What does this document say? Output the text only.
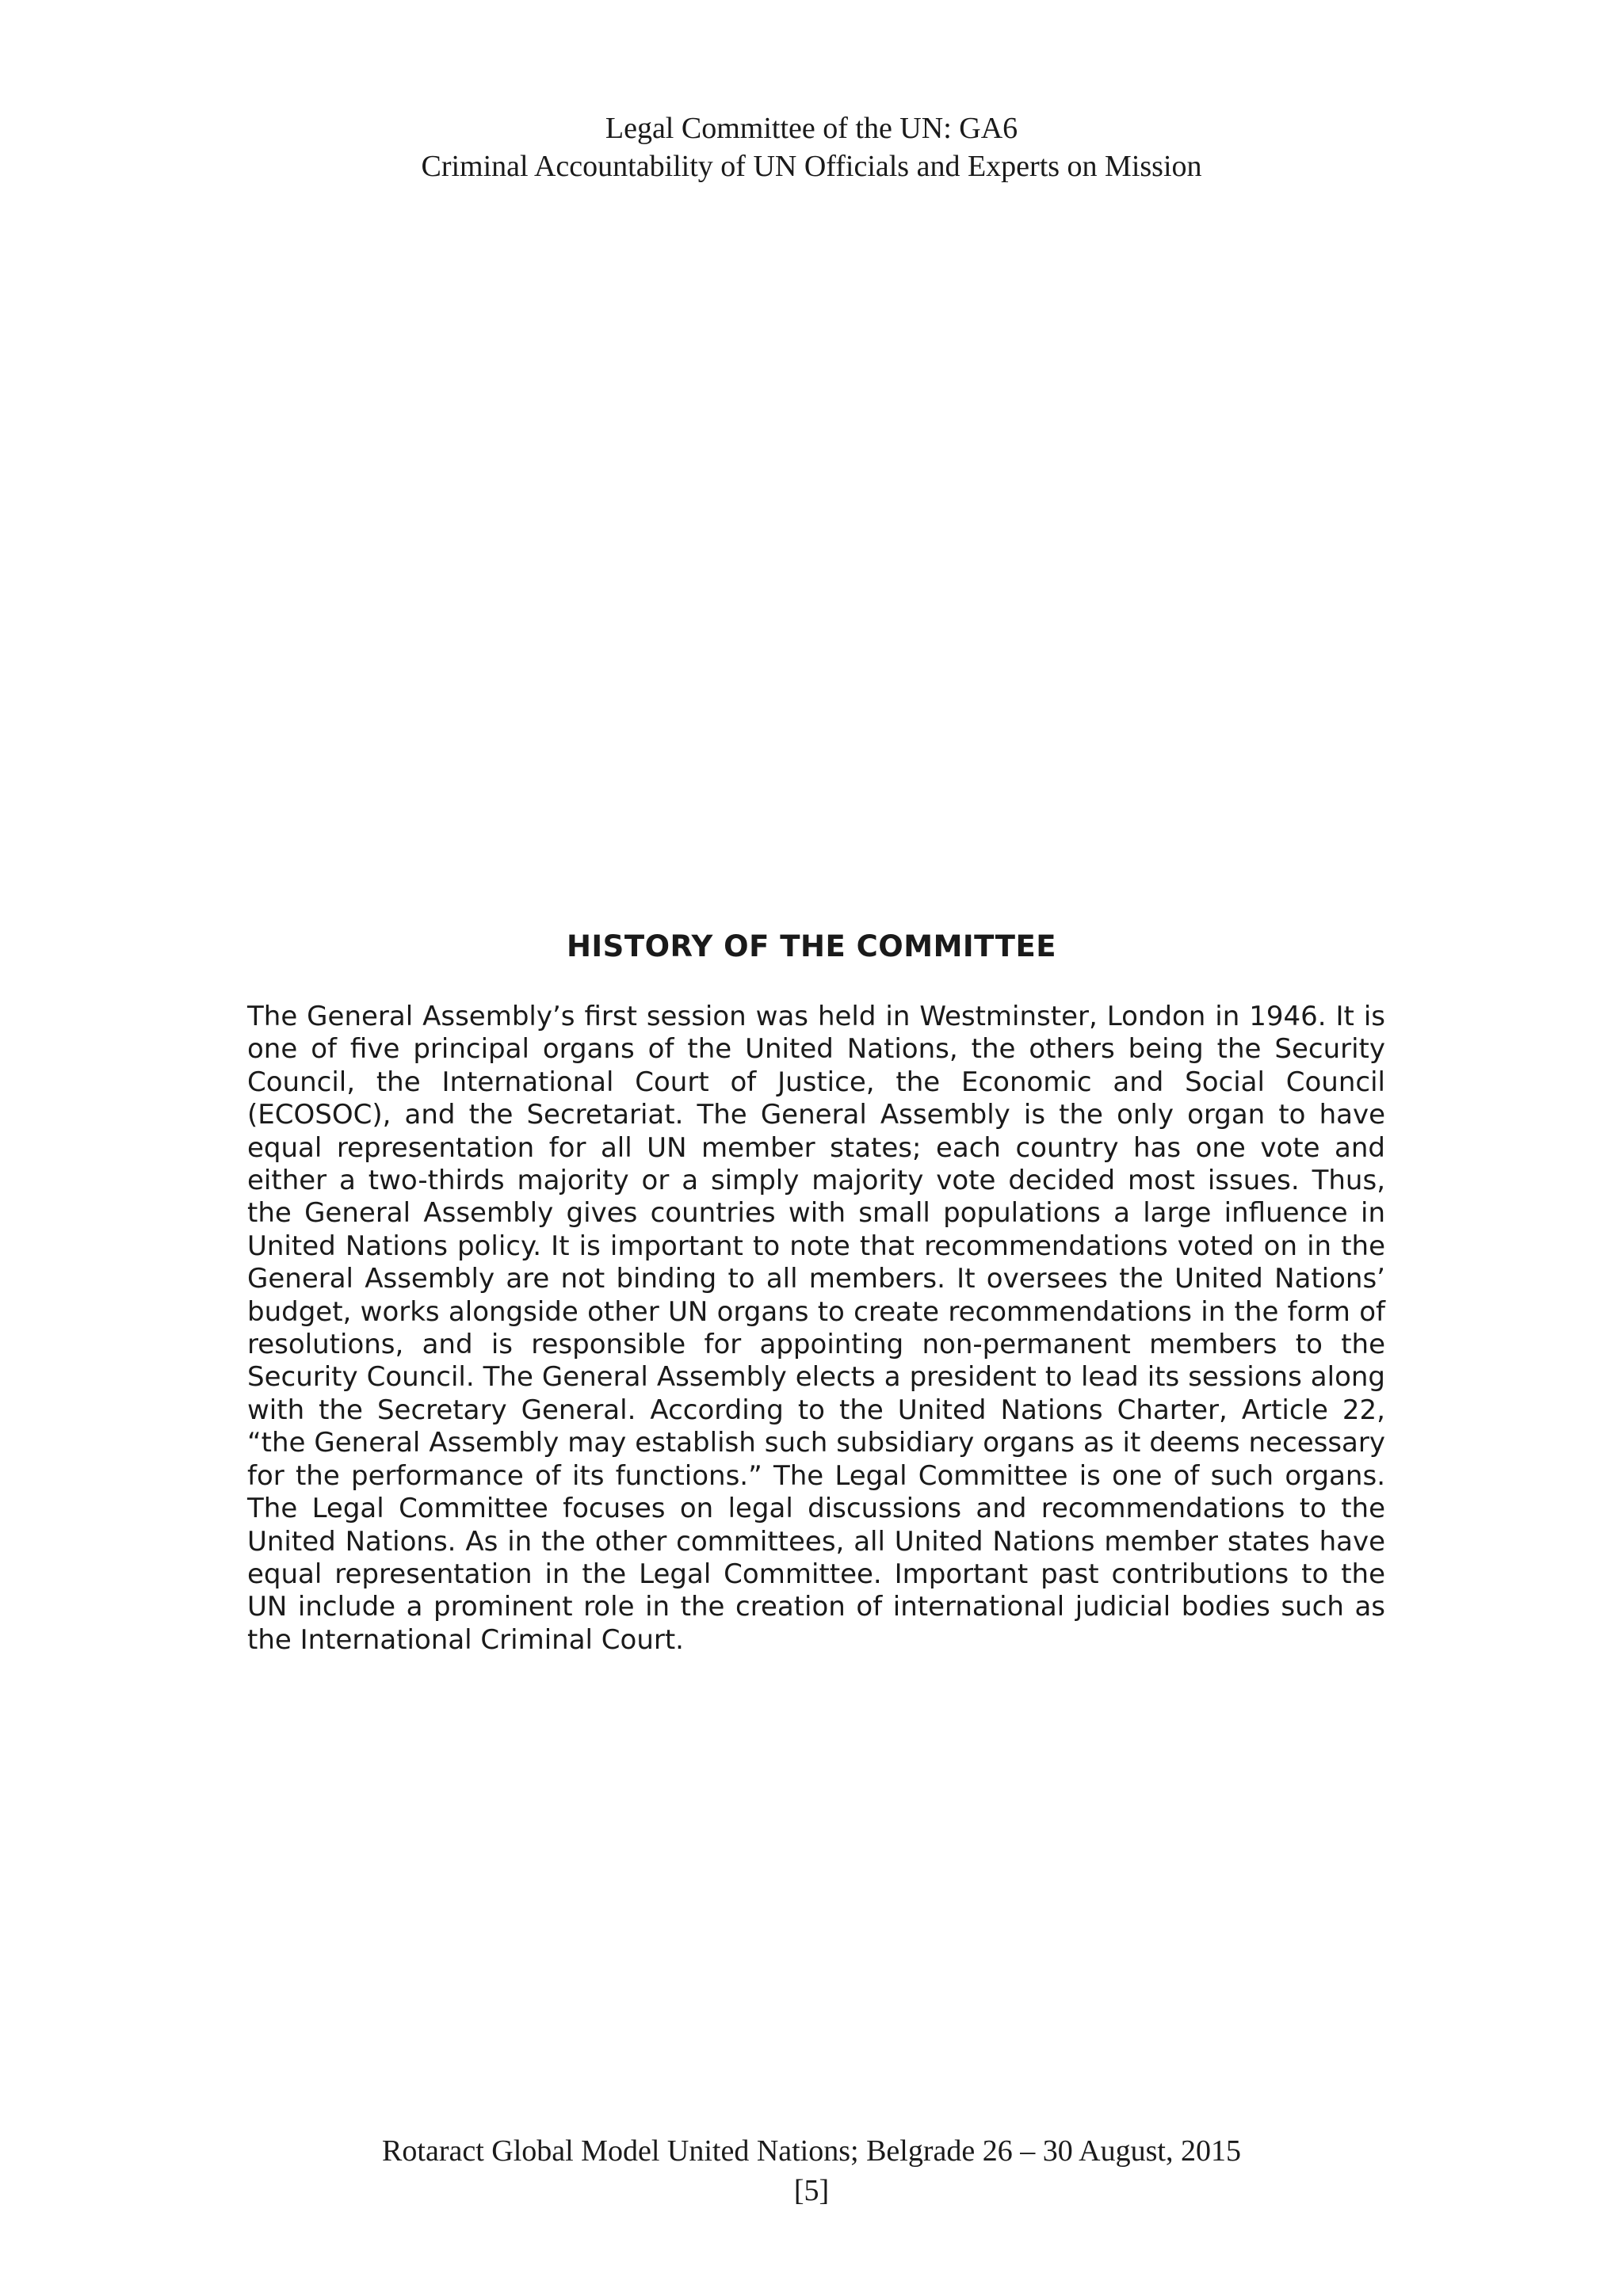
Legal Committee of the UN: GA6
Criminal Accountability of UN Officials and Experts on Mission
HISTORY OF THE COMMITTEE

The General Assembly’s first session was held in Westminster, London in 1946. It is one of five principal organs of the United Nations, the others being the Security Council, the International Court of Justice, the Economic and Social Council (ECOSOC), and the Secretariat. The General Assembly is the only organ to have equal representation for all UN member states; each country has one vote and either a two-thirds majority or a simply majority vote decided most issues. Thus, the General Assembly gives countries with small populations a large influence in United Nations policy. It is important to note that recommendations voted on in the General Assembly are not binding to all members. It oversees the United Nations’ budget, works alongside other UN organs to create recommendations in the form of resolutions, and is responsible for appointing non-permanent members to the Security Council. The General Assembly elects a president to lead its sessions along with the Secretary General. According to the United Nations Charter, Article 22, “the General Assembly may establish such subsidiary organs as it deems necessary for the performance of its functions.” The Legal Committee is one of such organs. The Legal Committee focuses on legal discussions and recommendations to the United Nations. As in the other committees, all United Nations member states have equal representation in the Legal Committee. Important past contributions to the UN include a prominent role in the creation of international judicial bodies such as the International Criminal Court.

Rotaract Global Model United Nations; Belgrade 26 – 30 August, 2015
[5]
